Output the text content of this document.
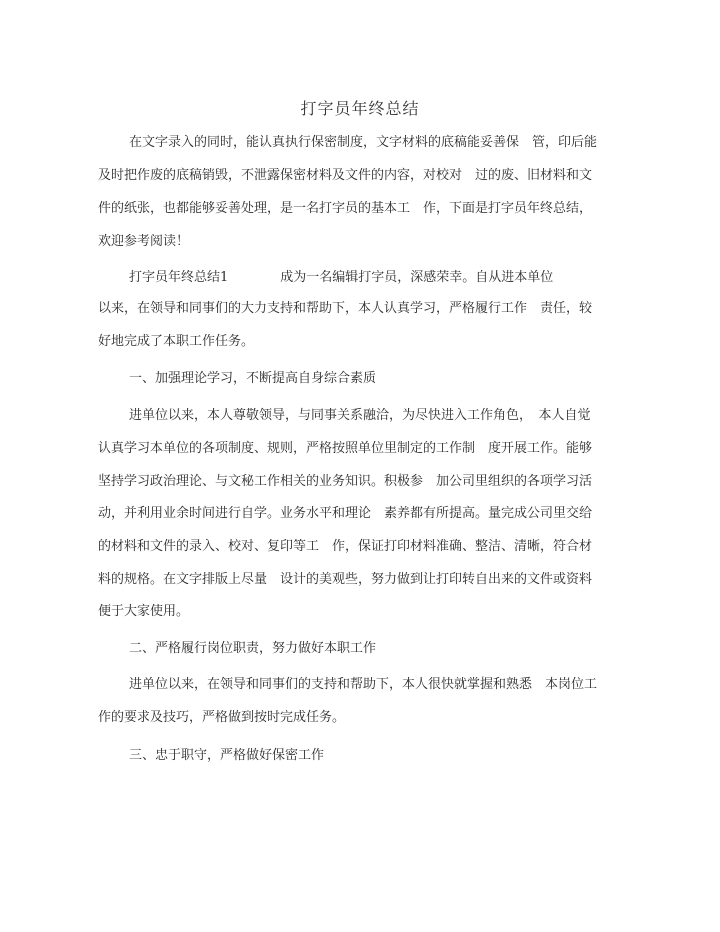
打字员年终总结
在文字录入的同时，能认真执行保密制度，文字材料的底稿能妥善保　管，印后能
及时把作废的底稿销毁，不泄露保密材料及文件的内容，对校对　过的废、旧材料和文
件的纸张，也都能够妥善处理，是一名打字员的基本工　作，下面是打字员年终总结，
欢迎参考阅读！
打字员年终总结1　　　　成为一名编辑打字员，深感荣幸。自从进本单位
以来，在领导和同事们的大力支持和帮助下，本人认真学习，严格履行工作　责任，较
好地完成了本职工作任务。
一、加强理论学习，不断提高自身综合素质
进单位以来，本人尊敬领导，与同事关系融洽，为尽快进入工作角色，　本人自觉
认真学习本单位的各项制度、规则，严格按照单位里制定的工作制　度开展工作。能够
坚持学习政治理论、与文秘工作相关的业务知识。积极参　加公司里组织的各项学习活
动，并利用业余时间进行自学。业务水平和理论　素养都有所提高。量完成公司里交给
的材料和文件的录入、校对、复印等工　作，保证打印材料准确、整洁、清晰，符合材
料的规格。在文字排版上尽量　设计的美观些，努力做到让打印转自出来的文件或资料
便于大家使用。
二、严格履行岗位职责，努力做好本职工作
进单位以来，在领导和同事们的支持和帮助下，本人很快就掌握和熟悉　本岗位工
作的要求及技巧，严格做到按时完成任务。
三、忠于职守，严格做好保密工作
